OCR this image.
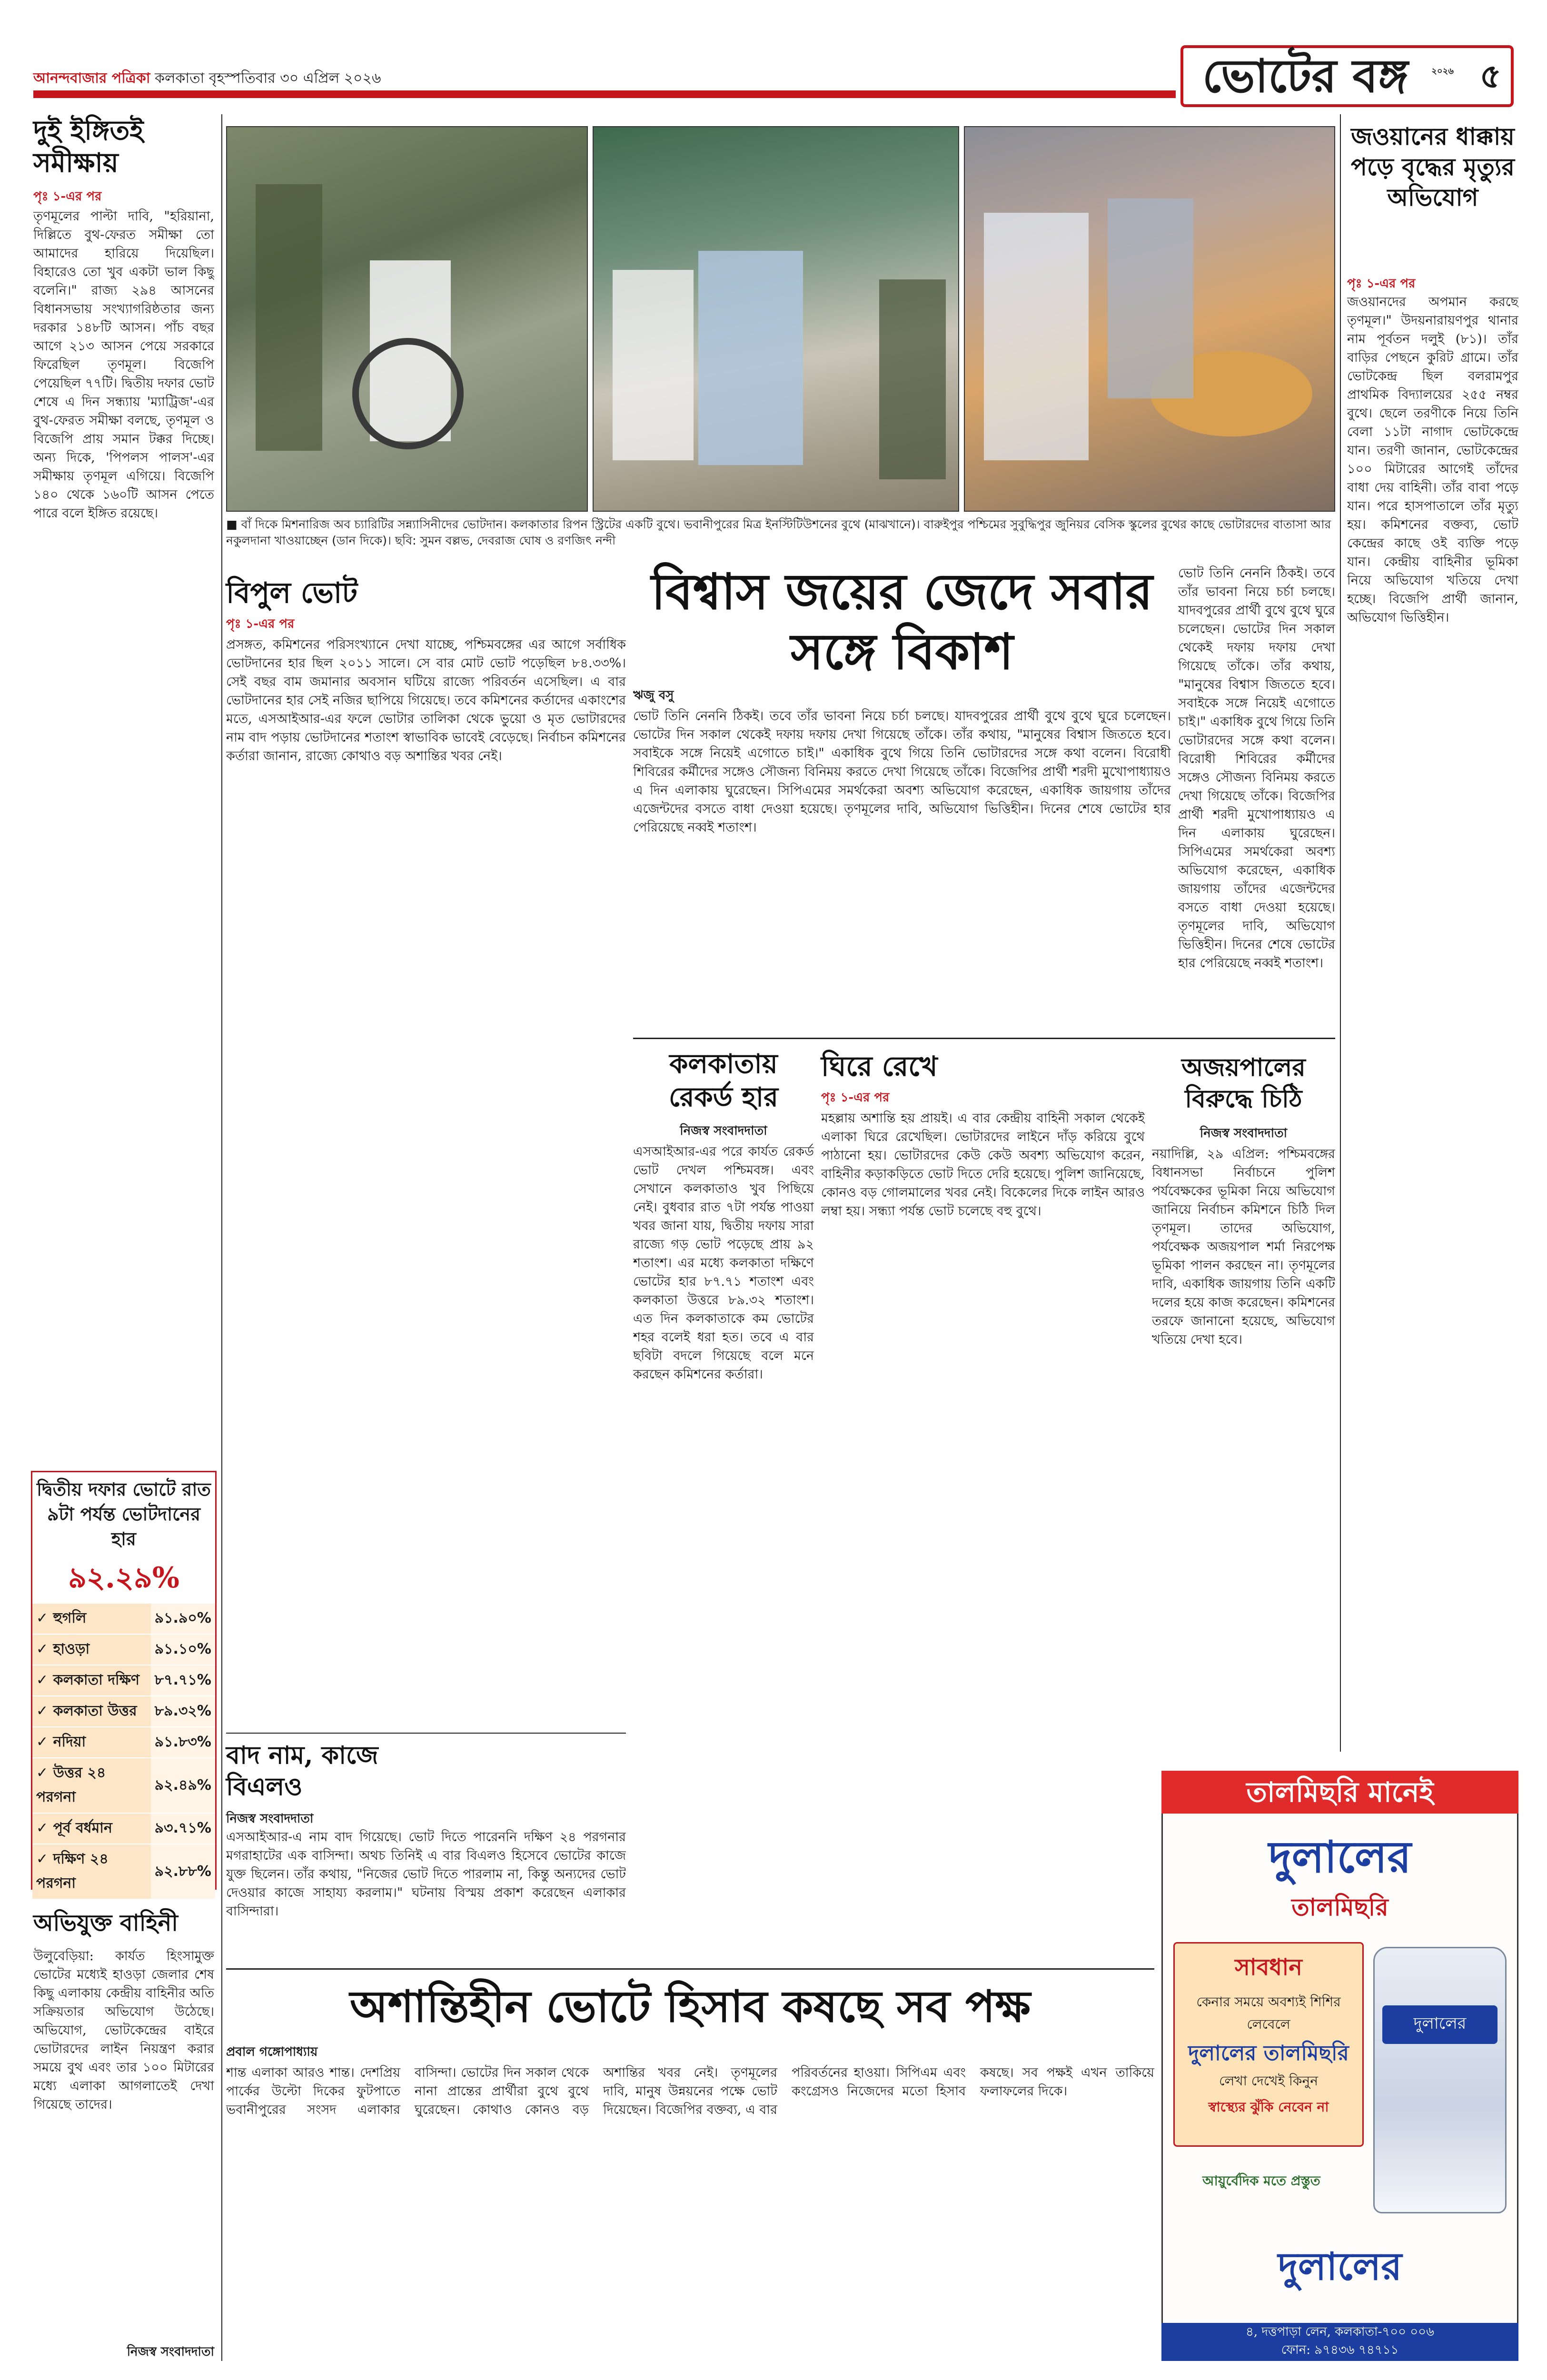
আনন্দবাজার পত্রিকা কলকাতা বৃহস্পতিবার ৩০ এপ্রিল ২০২৬	ভোটের বঙ্গ	২০২৬ ৫
দুই ইঙ্গিতই সমীক্ষায়
পৃঃ ১-এর পর
তৃণমূলের পাল্টা দাবি, "হরিয়ানা, দিল্লিতে বুথ-ফেরত সমীক্ষা তো আমাদের হারিয়ে দিয়েছিল। বিহারেও তো খুব একটা ভাল কিছু বলেনি।" রাজ্য ২৯৪ আসনের বিধানসভায় সংখ্যাগরিষ্ঠতার জন্য দরকার ১৪৮টি আসন। পাঁচ বছর আগে ২১৩ আসন পেয়ে সরকারে ফিরেছিল তৃণমূল। বিজেপি পেয়েছিল ৭৭টি। দ্বিতীয় দফার ভোট শেষে এ দিন সন্ধ্যায় 'ম্যাট্রিজ'-এর বুথ-ফেরত সমীক্ষা বলছে, তৃণমূল ও বিজেপি প্রায় সমান টক্কর দিচ্ছে। অন্য দিকে, 'পিপলস পালস'-এর সমীক্ষায় তৃণমূল এগিয়ে। বিজেপি ১৪০ থেকে ১৬০টি আসন পেতে পারে বলে ইঙ্গিত রয়েছে।
দ্বিতীয় দফার ভোটে রাত ৯টা পর্যন্ত ভোটদানের হার
৯২.২৯%
✓ হুগলি	৯১.৯০%
✓ হাওড়া	৯১.১০%
✓ কলকাতা দক্ষিণ	৮৭.৭১%
✓ কলকাতা উত্তর	৮৯.৩২%
✓ নদিয়া	৯১.৮৩%
✓ উত্তর ২৪ পরগনা	৯২.৪৯%
✓ পূর্ব বর্ধমান	৯৩.৭১%
✓ দক্ষিণ ২৪ পরগনা	৯২.৮৮%
অভিযুক্ত বাহিনী
উলুবেড়িয়া: কার্যত হিংসামুক্ত ভোটের মধ্যেই হাওড়া জেলার শেষ কিছু এলাকায় কেন্দ্রীয় বাহিনীর অতি সক্রিয়তার অভিযোগ উঠেছে। অভিযোগ, ভোটকেন্দ্রের বাইরে ভোটারদের লাইন নিয়ন্ত্রণ করার সময়ে বুথ এবং তার ১০০ মিটারের মধ্যে এলাকা আগলাতেই দেখা গিয়েছে তাদের।
নিজস্ব সংবাদদাতা
■ বাঁ দিকে মিশনারিজ অব চ্যারিটির সন্ন্যাসিনীদের ভোটদান। কলকাতার রিপন স্ট্রিটের একটি বুথে। ভবানীপুরের মিত্র ইনস্টিটিউশনের বুথে (মাঝখানে)। বারুইপুর পশ্চিমের সুবুদ্ধিপুর জুনিয়র বেসিক স্কুলের বুথের কাছে ভোটারদের বাতাসা আর নকুলদানা খাওয়াচ্ছেন (ডান দিকে)। ছবি: সুমন বল্লভ, দেবরাজ ঘোষ ও রণজিৎ নন্দী
জওয়ানের ধাক্কায় পড়ে বৃদ্ধের মৃত্যুর অভিযোগ
পৃঃ ১-এর পর
জওয়ানদের অপমান করছে তৃণমূল।" উদয়নারায়ণপুর থানার নাম পূর্বতন দলুই (৮১)। তাঁর বাড়ির পেছনে কুরিট গ্রামে। তাঁর ভোটকেন্দ্র ছিল বলরামপুর প্রাথমিক বিদ্যালয়ের ২৫৫ নম্বর বুথে। ছেলে তরণীকে নিয়ে তিনি বেলা ১১টা নাগাদ ভোটকেন্দ্রে যান। তরণী জানান, ভোটকেন্দ্রের ১০০ মিটারের আগেই তাঁদের বাধা দেয় বাহিনী। তাঁর বাবা পড়ে যান। পরে হাসপাতালে তাঁর মৃত্যু হয়। কমিশনের বক্তব্য, ভোট কেন্দ্রের কাছে ওই ব্যক্তি পড়ে যান। কেন্দ্রীয় বাহিনীর ভূমিকা নিয়ে অভিযোগ খতিয়ে দেখা হচ্ছে। বিজেপি প্রার্থী জানান, অভিযোগ ভিত্তিহীন।
বিপুল ভোট
পৃঃ ১-এর পর
প্রসঙ্গত, কমিশনের পরিসংখ্যানে দেখা যাচ্ছে, পশ্চিমবঙ্গের এর আগে সর্বাধিক ভোটদানের হার ছিল ২০১১ সালে। সে বার মোট ভোট পড়েছিল ৮৪.৩৩%। সেই বছর বাম জমানার অবসান ঘটিয়ে রাজ্যে পরিবর্তন এসেছিল। এ বার ভোটদানের হার সেই নজির ছাপিয়ে গিয়েছে। তবে কমিশনের কর্তাদের একাংশের মতে, এসআইআর-এর ফলে ভোটার তালিকা থেকে ভুয়ো ও মৃত ভোটারদের নাম বাদ পড়ায় ভোটদানের শতাংশ স্বাভাবিক ভাবেই বেড়েছে। নির্বাচন কমিশনের কর্তারা জানান, রাজ্যে কোথাও বড় অশান্তির খবর নেই।
বিশ্বাস জয়ের জেদে সবার সঙ্গে বিকাশ
ঋজু বসু
ভোট তিনি নেননি ঠিকই। তবে তাঁর ভাবনা নিয়ে চর্চা চলছে। যাদবপুরের প্রার্থী বুথে বুথে ঘুরে চলেছেন। ভোটের দিন সকাল থেকেই দফায় দফায় দেখা গিয়েছে তাঁকে। তাঁর কথায়, "মানুষের বিশ্বাস জিততে হবে। সবাইকে সঙ্গে নিয়েই এগোতে চাই।" একাধিক বুথে গিয়ে তিনি ভোটারদের সঙ্গে কথা বলেন। বিরোধী শিবিরের কর্মীদের সঙ্গেও সৌজন্য বিনিময় করতে দেখা গিয়েছে তাঁকে। বিজেপির প্রার্থী শরদী মুখোপাধ্যায়ও এ দিন এলাকায় ঘুরেছেন। সিপিএমের সমর্থকেরা অবশ্য অভিযোগ করেছেন, একাধিক জায়গায় তাঁদের এজেন্টদের বসতে বাধা দেওয়া হয়েছে। তৃণমূলের দাবি, অভিযোগ ভিত্তিহীন। দিনের শেষে ভোটের হার পেরিয়েছে নব্বই শতাংশ।
ভোট তিনি নেননি ঠিকই। তবে তাঁর ভাবনা নিয়ে চর্চা চলছে। যাদবপুরের প্রার্থী বুথে বুথে ঘুরে চলেছেন। ভোটের দিন সকাল থেকেই দফায় দফায় দেখা গিয়েছে তাঁকে। তাঁর কথায়, "মানুষের বিশ্বাস জিততে হবে। সবাইকে সঙ্গে নিয়েই এগোতে চাই।" একাধিক বুথে গিয়ে তিনি ভোটারদের সঙ্গে কথা বলেন। বিরোধী শিবিরের কর্মীদের সঙ্গেও সৌজন্য বিনিময় করতে দেখা গিয়েছে তাঁকে। বিজেপির প্রার্থী শরদী মুখোপাধ্যায়ও এ দিন এলাকায় ঘুরেছেন। সিপিএমের সমর্থকেরা অবশ্য অভিযোগ করেছেন, একাধিক জায়গায় তাঁদের এজেন্টদের বসতে বাধা দেওয়া হয়েছে। তৃণমূলের দাবি, অভিযোগ ভিত্তিহীন। দিনের শেষে ভোটের হার পেরিয়েছে নব্বই শতাংশ।
কলকাতায় রেকর্ড হার
নিজস্ব সংবাদদাতা
এসআইআর-এর পরে কার্যত রেকর্ড ভোট দেখল পশ্চিমবঙ্গ। এবং সেখানে কলকাতাও খুব পিছিয়ে নেই। বুধবার রাত ৭টা পর্যন্ত পাওয়া খবর জানা যায়, দ্বিতীয় দফায় সারা রাজ্যে গড় ভোট পড়েছে প্রায় ৯২ শতাংশ। এর মধ্যে কলকাতা দক্ষিণে ভোটের হার ৮৭.৭১ শতাংশ এবং কলকাতা উত্তরে ৮৯.৩২ শতাংশ। এত দিন কলকাতাকে কম ভোটের শহর বলেই ধরা হত। তবে এ বার ছবিটা বদলে গিয়েছে বলে মনে করছেন কমিশনের কর্তারা।
ঘিরে রেখে
পৃঃ ১-এর পর
মহল্লায় অশান্তি হয় প্রায়ই। এ বার কেন্দ্রীয় বাহিনী সকাল থেকেই এলাকা ঘিরে রেখেছিল। ভোটারদের লাইনে দাঁড় করিয়ে বুথে পাঠানো হয়। ভোটারদের কেউ কেউ অবশ্য অভিযোগ করেন, বাহিনীর কড়াকড়িতে ভোট দিতে দেরি হয়েছে। পুলিশ জানিয়েছে, কোনও বড় গোলমালের খবর নেই। বিকেলের দিকে লাইন আরও লম্বা হয়। সন্ধ্যা পর্যন্ত ভোট চলেছে বহু বুথে।
অজয়পালের বিরুদ্ধে চিঠি
নিজস্ব সংবাদদাতা
নয়াদিল্লি, ২৯ এপ্রিল: পশ্চিমবঙ্গের বিধানসভা নির্বাচনে পুলিশ পর্যবেক্ষকের ভূমিকা নিয়ে অভিযোগ জানিয়ে নির্বাচন কমিশনে চিঠি দিল তৃণমূল। তাদের অভিযোগ, পর্যবেক্ষক অজয়পাল শর্মা নিরপেক্ষ ভূমিকা পালন করছেন না। তৃণমূলের দাবি, একাধিক জায়গায় তিনি একটি দলের হয়ে কাজ করেছেন। কমিশনের তরফে জানানো হয়েছে, অভিযোগ খতিয়ে দেখা হবে।
বাদ নাম, কাজে বিএলও
নিজস্ব সংবাদদাতা
এসআইআর-এ নাম বাদ গিয়েছে। ভোট দিতে পারেননি দক্ষিণ ২৪ পরগনার মগরাহাটের এক বাসিন্দা। অথচ তিনিই এ বার বিএলও হিসেবে ভোটের কাজে যুক্ত ছিলেন। তাঁর কথায়, "নিজের ভোট দিতে পারলাম না, কিন্তু অন্যদের ভোট দেওয়ার কাজে সাহায্য করলাম।" ঘটনায় বিস্ময় প্রকাশ করেছেন এলাকার বাসিন্দারা।
অশান্তিহীন ভোটে হিসাব কষছে সব পক্ষ
প্রবাল গঙ্গোপাধ্যায়
শান্ত এলাকা আরও শান্ত। দেশপ্রিয় পার্কের উল্টো দিকের ফুটপাতে ভবানীপুরের সংসদ এলাকার বাসিন্দা। ভোটের দিন সকাল থেকে নানা প্রান্তের প্রার্থীরা বুথে বুথে ঘুরেছেন। কোথাও কোনও বড় অশান্তির খবর নেই। তৃণমূলের দাবি, মানুষ উন্নয়নের পক্ষে ভোট দিয়েছেন। বিজেপির বক্তব্য, এ বার পরিবর্তনের হাওয়া। সিপিএম এবং কংগ্রেসও নিজেদের মতো হিসাব কষছে। সব পক্ষই এখন তাকিয়ে ফলাফলের দিকে।
তালমিছরি মানেই
দুলালের
তালমিছরি
সাবধান
কেনার সময়ে অবশ্যই শিশির লেবেলে
দুলালের তালমিছরি
লেখা দেখেই কিনুন
স্বাস্থ্যের ঝুঁকি নেবেন না
দুলালের
আয়ুর্বেদিক মতে প্রস্তুত
দুলালের
৪, দত্তপাড়া লেন, কলকাতা-৭০০ ০০৬
ফোন: ৯৭৪৩৬ ৭৪৭১১
